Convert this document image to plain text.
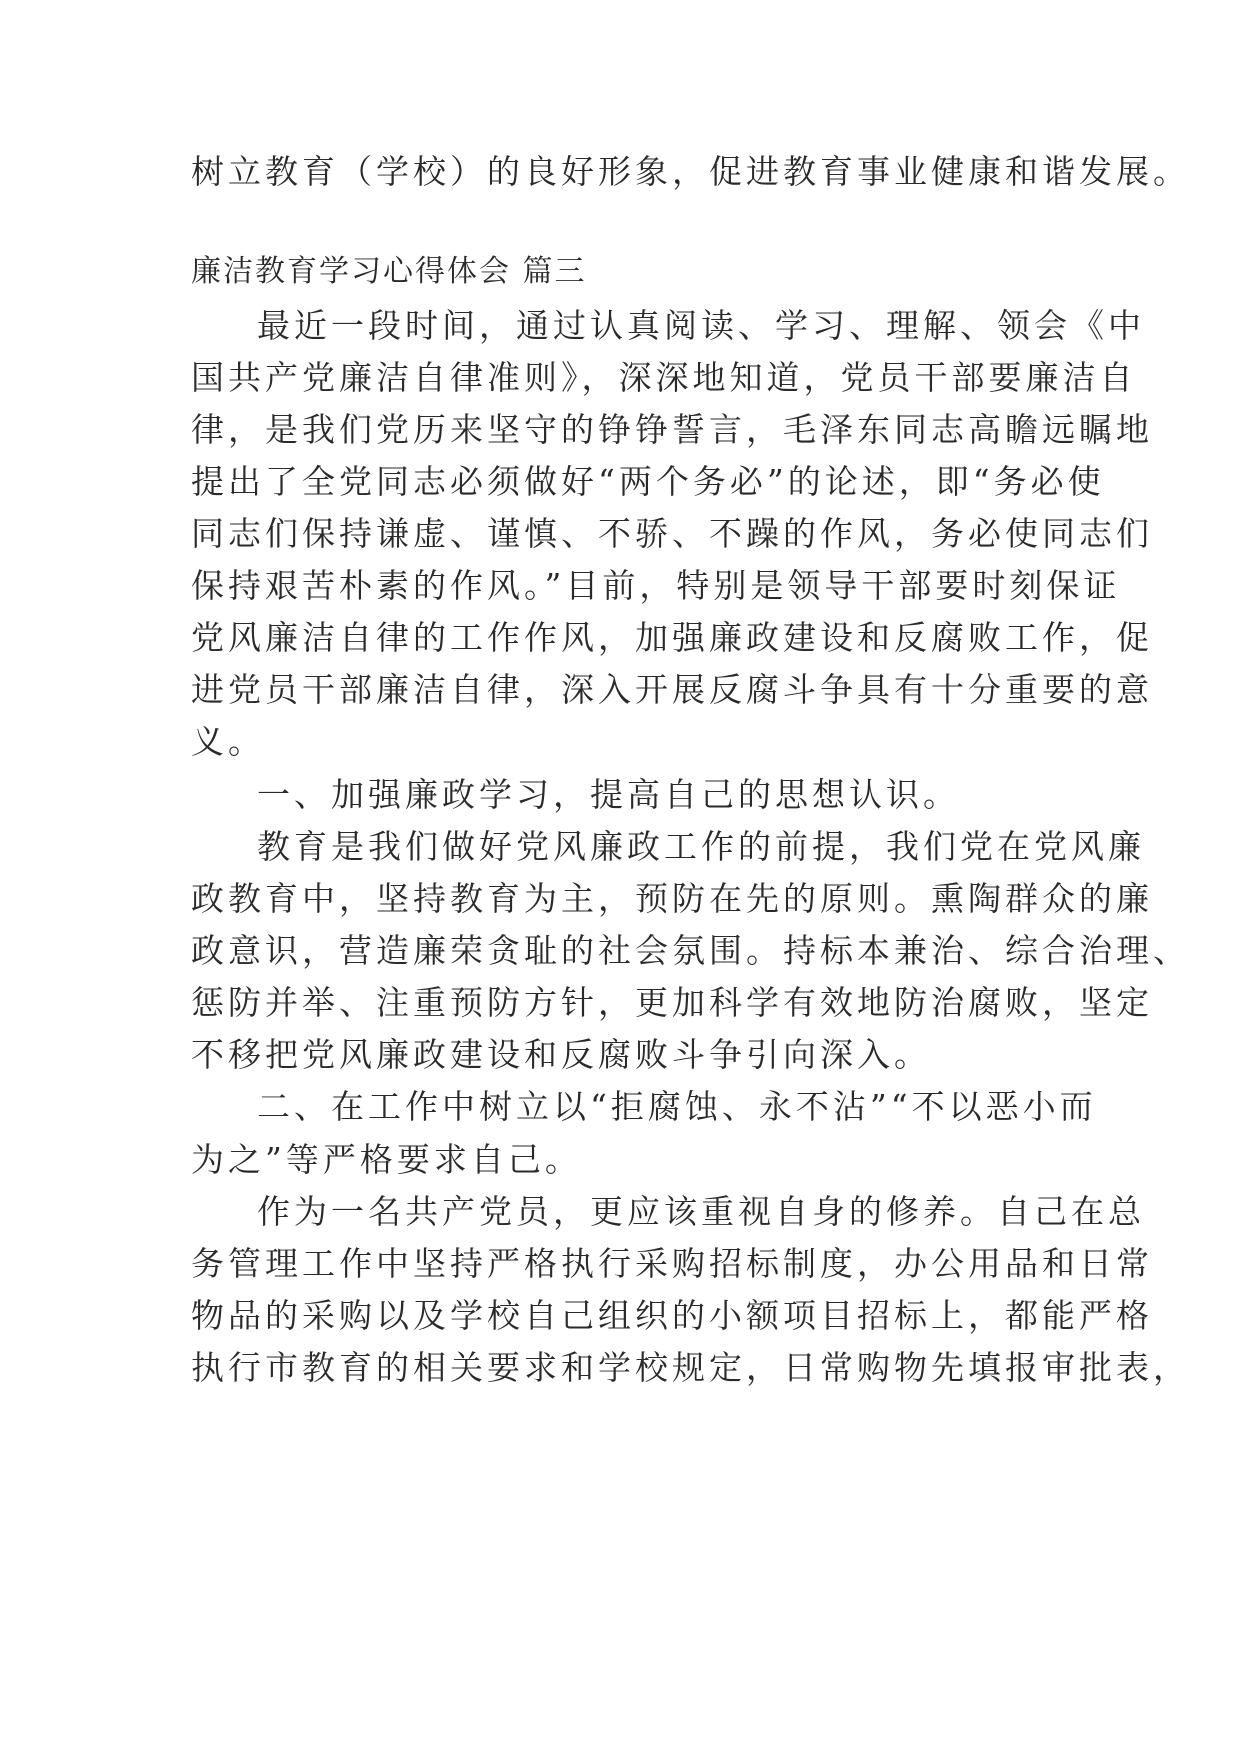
树立教育（学校）的良好形象，促进教育事业健康和谐发展。
廉洁教育学习心得体会 篇三
最近一段时间，通过认真阅读、学习、理解、领会《中
国共产党廉洁自律准则》，深深地知道，党员干部要廉洁自
律，是我们党历来坚守的铮铮誓言，毛泽东同志高瞻远瞩地
提出了全党同志必须做好“两个务必”的论述，即“务必使
同志们保持谦虚、谨慎、不骄、不躁的作风，务必使同志们
保持艰苦朴素的作风。”目前，特别是领导干部要时刻保证
党风廉洁自律的工作作风，加强廉政建设和反腐败工作，促
进党员干部廉洁自律，深入开展反腐斗争具有十分重要的意
义。
一、加强廉政学习，提高自己的思想认识。
教育是我们做好党风廉政工作的前提，我们党在党风廉
政教育中，坚持教育为主，预防在先的原则。熏陶群众的廉
政意识，营造廉荣贪耻的社会氛围。持标本兼治、综合治理、
惩防并举、注重预防方针，更加科学有效地防治腐败，坚定
不移把党风廉政建设和反腐败斗争引向深入。
二、在工作中树立以“拒腐蚀、永不沾”“不以恶小而
为之”等严格要求自己。
作为一名共产党员，更应该重视自身的修养。自己在总
务管理工作中坚持严格执行采购招标制度，办公用品和日常
物品的采购以及学校自己组织的小额项目招标上，都能严格
执行市教育的相关要求和学校规定，日常购物先填报审批表，
